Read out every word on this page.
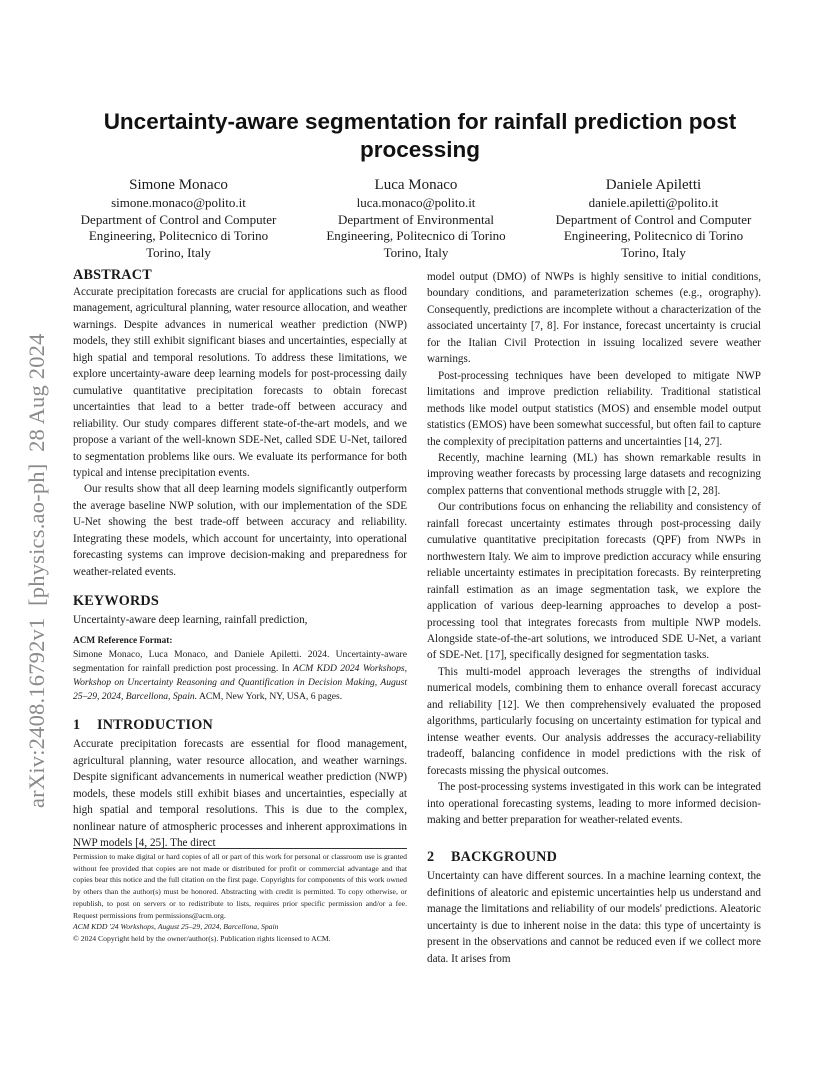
arXiv:2408.16792v1  [physics.ao-ph]  28 Aug 2024
Uncertainty-aware segmentation for rainfall prediction post processing
Simone Monaco
simone.monaco@polito.it
Department of Control and Computer
Engineering, Politecnico di Torino
Torino, Italy
Luca Monaco
luca.monaco@polito.it
Department of Environmental
Engineering, Politecnico di Torino
Torino, Italy
Daniele Apiletti
daniele.apiletti@polito.it
Department of Control and Computer
Engineering, Politecnico di Torino
Torino, Italy
ABSTRACT

Accurate precipitation forecasts are crucial for applications such as flood management, agricultural planning, water resource allocation, and weather warnings. Despite advances in numerical weather prediction (NWP) models, they still exhibit significant biases and uncertainties, especially at high spatial and temporal resolutions. To address these limitations, we explore uncertainty-aware deep learning models for post-processing daily cumulative quantitative precipitation forecasts to obtain forecast uncertainties that lead to a better trade-off between accuracy and reliability. Our study compares different state-of-the-art models, and we propose a variant of the well-known SDE-Net, called SDE U-Net, tailored to segmentation problems like ours. We evaluate its performance for both typical and intense precipitation events.

Our results show that all deep learning models significantly outperform the average baseline NWP solution, with our implementation of the SDE U-Net showing the best trade-off between accuracy and reliability. Integrating these models, which account for uncertainty, into operational forecasting systems can improve decision-making and preparedness for weather-related events.

KEYWORDS

Uncertainty-aware deep learning, rainfall prediction,

ACM Reference Format:
Simone Monaco, Luca Monaco, and Daniele Apiletti. 2024. Uncertainty-aware segmentation for rainfall prediction post processing. In ACM KDD 2024 Workshops, Workshop on Uncertainty Reasoning and Quantification in Decision Making, August 25–29, 2024, Barcellona, Spain. ACM, New York, NY, USA, 6 pages.
1 INTRODUCTION

Accurate precipitation forecasts are essential for flood management, agricultural planning, water resource allocation, and weather warnings. Despite significant advancements in numerical weather prediction (NWP) models, these models still exhibit biases and uncertainties, especially at high spatial and temporal resolutions. This is due to the complex, nonlinear nature of atmospheric processes and inherent approximations in NWP models [4, 25]. The direct

Permission to make digital or hard copies of all or part of this work for personal or classroom use is granted without fee provided that copies are not made or distributed for profit or commercial advantage and that copies bear this notice and the full citation on the first page. Copyrights for components of this work owned by others than the author(s) must be honored. Abstracting with credit is permitted. To copy otherwise, or republish, to post on servers or to redistribute to lists, requires prior specific permission and/or a fee. Request permissions from permissions@acm.org.

ACM KDD '24 Workshops, August 25–29, 2024, Barcellona, Spain

© 2024 Copyright held by the owner/author(s). Publication rights licensed to ACM.

model output (DMO) of NWPs is highly sensitive to initial conditions, boundary conditions, and parameterization schemes (e.g., orography). Consequently, predictions are incomplete without a characterization of the associated uncertainty [7, 8]. For instance, forecast uncertainty is crucial for the Italian Civil Protection in issuing localized severe weather warnings.

Post-processing techniques have been developed to mitigate NWP limitations and improve prediction reliability. Traditional statistical methods like model output statistics (MOS) and ensemble model output statistics (EMOS) have been somewhat successful, but often fail to capture the complexity of precipitation patterns and uncertainties [14, 27].

Recently, machine learning (ML) has shown remarkable results in improving weather forecasts by processing large datasets and recognizing complex patterns that conventional methods struggle with [2, 28].

Our contributions focus on enhancing the reliability and consistency of rainfall forecast uncertainty estimates through post-processing daily cumulative quantitative precipitation forecasts (QPF) from NWPs in northwestern Italy. We aim to improve prediction accuracy while ensuring reliable uncertainty estimates in precipitation forecasts. By reinterpreting rainfall estimation as an image segmentation task, we explore the application of various deep-learning approaches to develop a post-processing tool that integrates forecasts from multiple NWP models. Alongside state-of-the-art solutions, we introduced SDE U-Net, a variant of SDE-Net. [17], specifically designed for segmentation tasks.

This multi-model approach leverages the strengths of individual numerical models, combining them to enhance overall forecast accuracy and reliability [12]. We then comprehensively evaluated the proposed algorithms, particularly focusing on uncertainty estimation for typical and intense weather events. Our analysis addresses the accuracy-reliability tradeoff, balancing confidence in model predictions with the risk of forecasts missing the physical outcomes.

The post-processing systems investigated in this work can be integrated into operational forecasting systems, leading to more informed decision-making and better preparation for weather-related events.

2 BACKGROUND

Uncertainty can have different sources. In a machine learning context, the definitions of aleatoric and epistemic uncertainties help us understand and manage the limitations and reliability of our models' predictions. Aleatoric uncertainty is due to inherent noise in the data: this type of uncertainty is present in the observations and cannot be reduced even if we collect more data. It arises from
